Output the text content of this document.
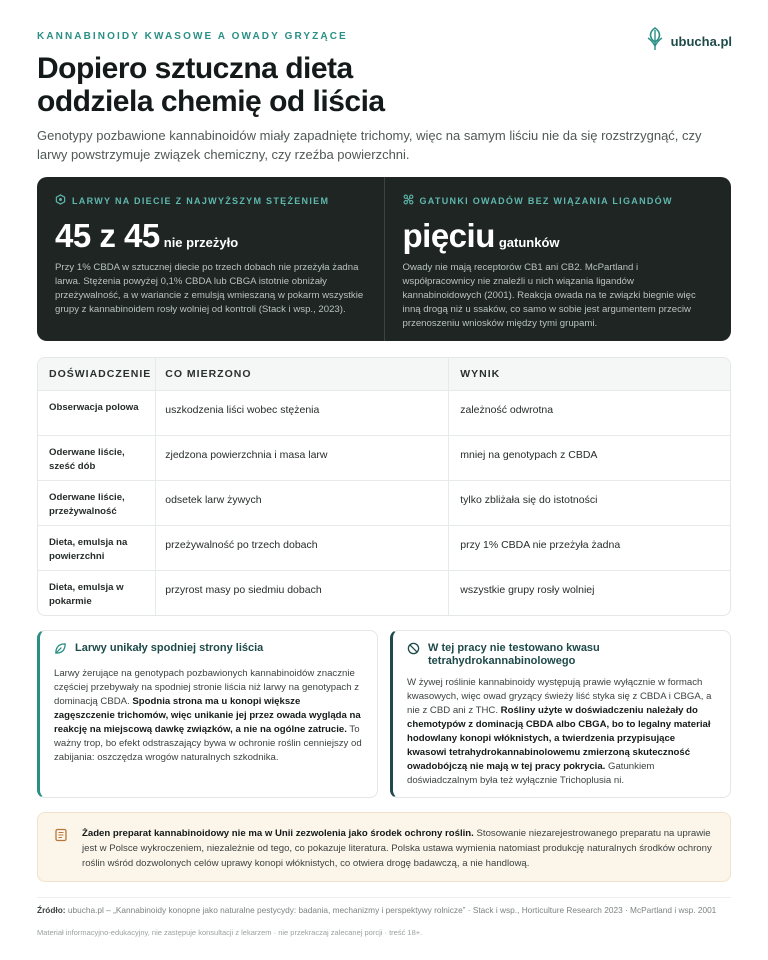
KANNABINOIDY KWASOWE A OWADY GRYZĄCE	ubucha.pl
Dopiero sztuczna dieta
oddziela chemię od liścia

Genotypy pozbawione kannabinoidów miały zapadnięte trichomy, więc na samym liściu nie da się rozstrzygnąć, czy larwy powstrzymuje związek chemiczny, czy rzeźba powierzchni.

LARWY NA DIECIE Z NAJWYŻSZYM STĘŻENIEM
45 z 45 nie przeżyło

Przy 1% CBDA w sztucznej diecie po trzech dobach nie przeżyła żadna larwa. Stężenia powyżej 0,1% CBDA lub CBGA istotnie obniżały przeżywalność, a w wariancie z emulsją wmieszaną w pokarm wszystkie grupy z kannabinoidem rosły wolniej od kontroli (Stack i wsp., 2023).

GATUNKI OWADÓW BEZ WIĄZANIA LIGANDÓW
pięciu gatunków

Owady nie mają receptorów CB1 ani CB2. McPartland i współpracownicy nie znaleźli u nich wiązania ligandów kannabinoidowych (2001). Reakcja owada na te związki biegnie więc inną drogą niż u ssaków, co samo w sobie jest argumentem przeciw przenoszeniu wniosków między tymi grupami.

DOŚWIADCZENIE	CO MIERZONO	WYNIK
Obserwacja polowa	uszkodzenia liści wobec stężenia	zależność odwrotna
Oderwane liście, sześć dób	zjedzona powierzchnia i masa larw	mniej na genotypach z CBDA
Oderwane liście, przeżywalność	odsetek larw żywych	tylko zbliżała się do istotności
Dieta, emulsja na powierzchni	przeżywalność po trzech dobach	przy 1% CBDA nie przeżyła żadna
Dieta, emulsja w pokarmie	przyrost masy po siedmiu dobach	wszystkie grupy rosły wolniej
Larwy unikały spodniej strony liścia

Larwy żerujące na genotypach pozbawionych kannabinoidów znacznie częściej przebywały na spodniej stronie liścia niż larwy na genotypach z dominacją CBDA. Spodnia strona ma u konopi większe zagęszczenie trichomów, więc unikanie jej przez owada wygląda na reakcję na miejscową dawkę związków, a nie na ogólne zatrucie. To ważny trop, bo efekt odstraszający bywa w ochronie roślin cenniejszy od zabijania: oszczędza wrogów naturalnych szkodnika.

W tej pracy nie testowano kwasu tetrahydrokannabinolowego

W żywej roślinie kannabinoidy występują prawie wyłącznie w formach kwasowych, więc owad gryzący świeży liść styka się z CBDA i CBGA, a nie z CBD ani z THC. Rośliny użyte w doświadczeniu należały do chemotypów z dominacją CBDA albo CBGA, bo to legalny materiał hodowlany konopi włóknistych, a twierdzenia przypisujące kwasowi tetrahydrokannabinolowemu zmierzoną skuteczność owadobójczą nie mają w tej pracy pokrycia. Gatunkiem doświadczalnym była też wyłącznie Trichoplusia ni.

Żaden preparat kannabinoidowy nie ma w Unii zezwolenia jako środek ochrony roślin. Stosowanie niezarejestrowanego preparatu na uprawie jest w Polsce wykroczeniem, niezależnie od tego, co pokazuje literatura. Polska ustawa wymienia natomiast produkcję naturalnych środków ochrony roślin wśród dozwolonych celów uprawy konopi włóknistych, co otwiera drogę badawczą, a nie handlową.

Źródło: ubucha.pl – „Kannabinoidy konopne jako naturalne pestycydy: badania, mechanizmy i perspektywy rolnicze” · Stack i wsp., Horticulture Research 2023 · McPartland i wsp. 2001

Materiał informacyjno-edukacyjny, nie zastępuje konsultacji z lekarzem · nie przekraczaj zalecanej porcji · treść 18+.
